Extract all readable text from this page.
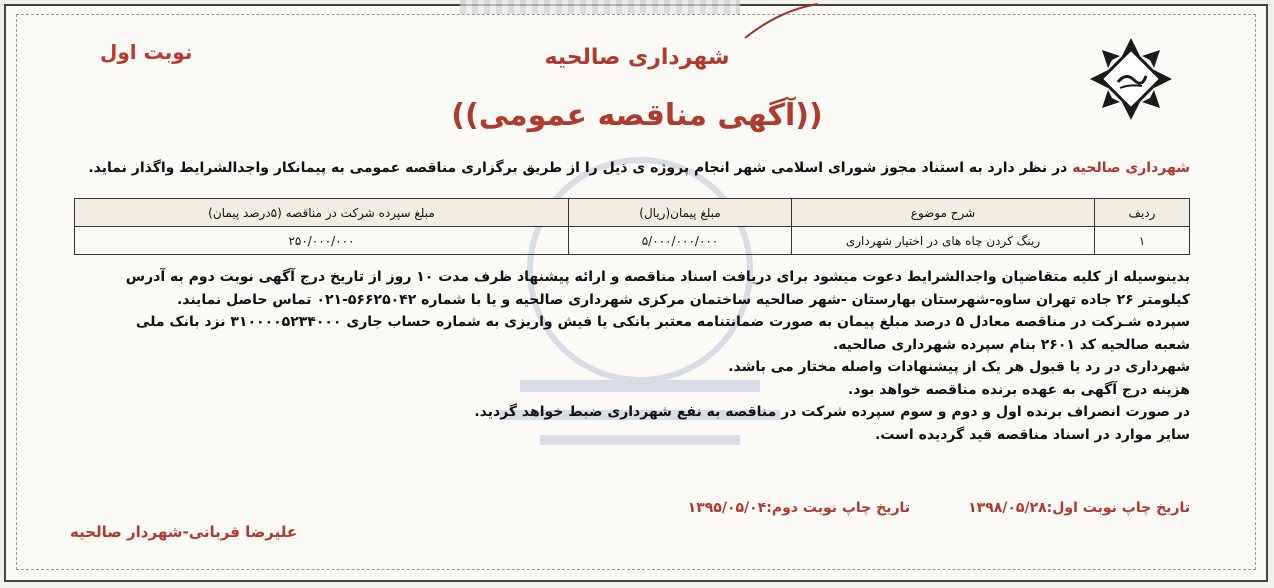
نوبت اول	شهرداری صالحیه
((آگهی مناقصه عمومی))
شهرداری صالحیه در نظر دارد به استناد مجوز شورای اسلامی شهر انجام پروژه ی ذیل را از طریق برگزاری مناقصه عمومی به پیمانکار واجدالشرایط واگذار نماید.
ردیف	شرح موضوع	مبلغ پیمان(ریال)	مبلغ سپرده شرکت در مناقصه (۵درصد پیمان)
۱	رینگ کردن چاه های در اختیار شهرداری	۵/۰۰۰/۰۰۰/۰۰۰	۲۵۰/۰۰۰/۰۰۰

بدینوسیله از کلیه متقاضیان واجدالشرایط دعوت میشود برای دریافت اسناد مناقصه و ارائه پیشنهاد ظرف مدت ۱۰ روز از تاریخ درج آگهی نوبت دوم به آدرس

کیلومتر ۲۶ جاده تهران ساوه-شهرستان بهارستان -شهر صالحیه ساختمان مرکزی شهرداری صالحیه و یا با شماره ۵۶۶۲۵۰۴۲-۰۲۱ تماس حاصل نمایند.

سپرده شـرکت در مناقصه معادل ۵ درصد مبلغ پیمان به صورت ضمانتنامه معتبر بانکی یا فیش واریزی به شماره حساب جاری ۳۱۰۰۰۰۵۲۳۴۰۰۰ نزد بانک ملی

شعبه صالحیه کد ۲۶۰۱ بنام سپرده شهرداری صالحیه.

شهرداری در رد یا قبول هر یک از پیشنهادات واصله مختار می باشد.

هزینه درج آگهی به عهده برنده مناقصه خواهد بود.

در صورت انصراف برنده اول و دوم و سوم سپرده شرکت در مناقصه به نفع شهرداری ضبط خواهد گردید.

سایر موارد در اسناد مناقصه قید گردیده است.

تاریخ چاپ نوبت اول:۱۳۹۸/۰۵/۲۸
تاریخ چاپ نوبت دوم:۱۳۹۵/۰۵/۰۴
علیرضا قربانی-شهردار صالحیه
